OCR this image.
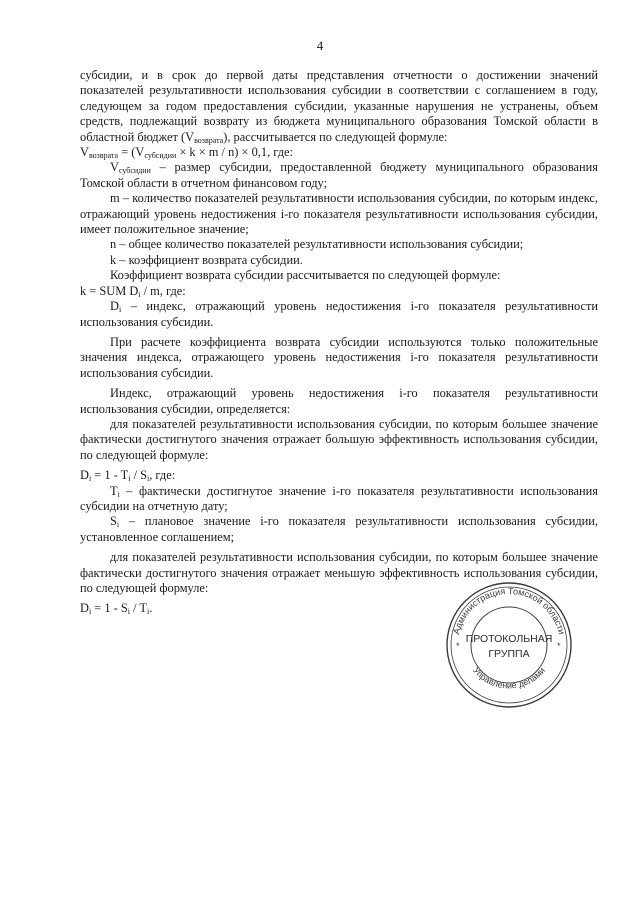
4

субсидии, и в срок до первой даты представления отчетности о достижении значений показателей результативности использования субсидии в соответствии с соглашением в году, следующем за годом предоставления субсидии, указанные нарушения не устранены, объем средств, подлежащий возврату из бюджета муниципального образования Томской области в областной бюджет $(V_{возврата})$, рассчитывается по следующей формуле:

$V_{возврата} = (V_{субсидии} \times k \times m / n) \times 0,1$, где:

$V_{субсидии}$ – размер субсидии, предоставленной бюджету муниципального образования Томской области в отчетном финансовом году;

m – количество показателей результативности использования субсидии, по которым индекс, отражающий уровень недостижения i-го показателя результативности использования субсидии, имеет положительное значение;

n – общее количество показателей результативности использования субсидии;

k – коэффициент возврата субсидии.

Коэффициент возврата субсидии рассчитывается по следующей формуле:

k = SUM $D_i$ / m, где:

$D_i$ – индекс, отражающий уровень недостижения i-го показателя результативности использования субсидии.

При расчете коэффициента возврата субсидии используются только положительные значения индекса, отражающего уровень недостижения i-го показателя результативности использования субсидии.

Индекс, отражающий уровень недостижения i-го показателя результативности использования субсидии, определяется:

для показателей результативности использования субсидии, по которым большее значение фактически достигнутого значения отражает большую эффективность использования субсидии, по следующей формуле:

$D_i = 1 - T_i / S_i$, где:

$T_i$ – фактически достигнутое значение i-го показателя результативности использования субсидии на отчетную дату;

$S_i$ – плановое значение i-го показателя результативности использования субсидии, установленное соглашением;

для показателей результативности использования субсидии, по которым большее значение фактически достигнутого значения отражает меньшую эффективность использования субсидии, по следующей формуле:

$D_i = 1 - S_i / T_i$.

Администрация Томской области
Управление делами
*	*
ПРОТОКОЛЬНАЯ
ГРУППА
